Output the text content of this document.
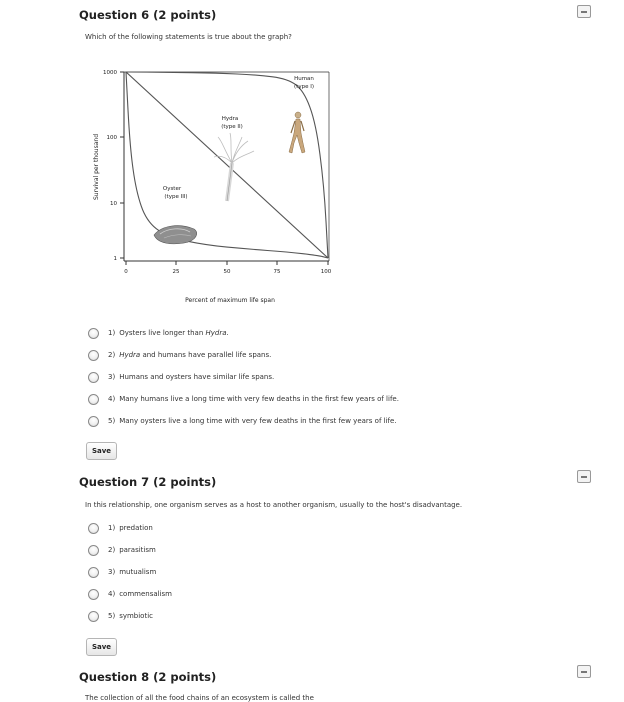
Question 6 (2 points)
Which of the following statements is true about the graph?
1000
100
10
1
0	25	50	75	100
Percent of maximum life span
Survival per thousand
Human
(type I)
Hydra
(type II)
Oyster
(type III)
1) Oysters live longer than Hydra.
2) Hydra and humans have parallel life spans.
3) Humans and oysters have similar life spans.
4) Many humans live a long time with very few deaths in the first few years of life.
5) Many oysters live a long time with very few deaths in the first few years of life.
Save
Question 7 (2 points)
In this relationship, one organism serves as a host to another organism, usually to the host's disadvantage.
1) predation
2) parasitism
3) mutualism
4) commensalism
5) symbiotic
Save
Question 8 (2 points)
The collection of all the food chains of an ecosystem is called the
